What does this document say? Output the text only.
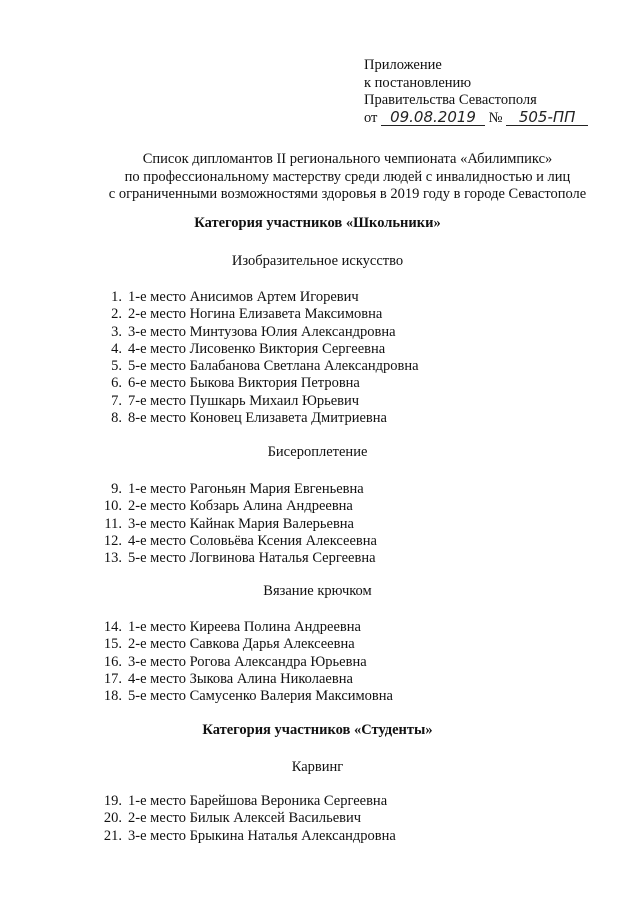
Приложение
к постановлению
Правительства Севастополя
от 09.08.2019 № 505-ПП
Список дипломантов II регионального чемпионата «Абилимпикс»
по профессиональному мастерству среди людей с инвалидностью и лиц
с ограниченными возможностями здоровья в 2019 году в городе Севастополе
Категория участников «Школьники»
Изобразительное искусство
1. 1-е место Анисимов Артем Игоревич
2. 2-е место Ногина Елизавета Максимовна
3. 3-е место Минтузова Юлия Александровна
4. 4-е место Лисовенко Виктория Сергеевна
5. 5-е место Балабанова Светлана Александровна
6. 6-е место Быкова Виктория Петровна
7. 7-е место Пушкарь Михаил Юрьевич
8. 8-е место Коновец Елизавета Дмитриевна
Бисероплетение
9. 1-е место Рагоньян Мария Евгеньевна
10. 2-е место Кобзарь Алина Андреевна
11. 3-е место Кайнак Мария Валерьевна
12. 4-е место Соловьёва Ксения Алексеевна
13. 5-е место Логвинова Наталья Сергеевна
Вязание крючком
14. 1-е место Киреева Полина Андреевна
15. 2-е место Савкова Дарья Алексеевна
16. 3-е место Рогова Александра Юрьевна
17. 4-е место Зыкова Алина Николаевна
18. 5-е место Самусенко Валерия Максимовна
Категория участников «Студенты»
Карвинг
19. 1-е место Барейшова Вероника Сергеевна
20. 2-е место Билык Алексей Васильевич
21. 3-е место Брыкина Наталья Александровна
